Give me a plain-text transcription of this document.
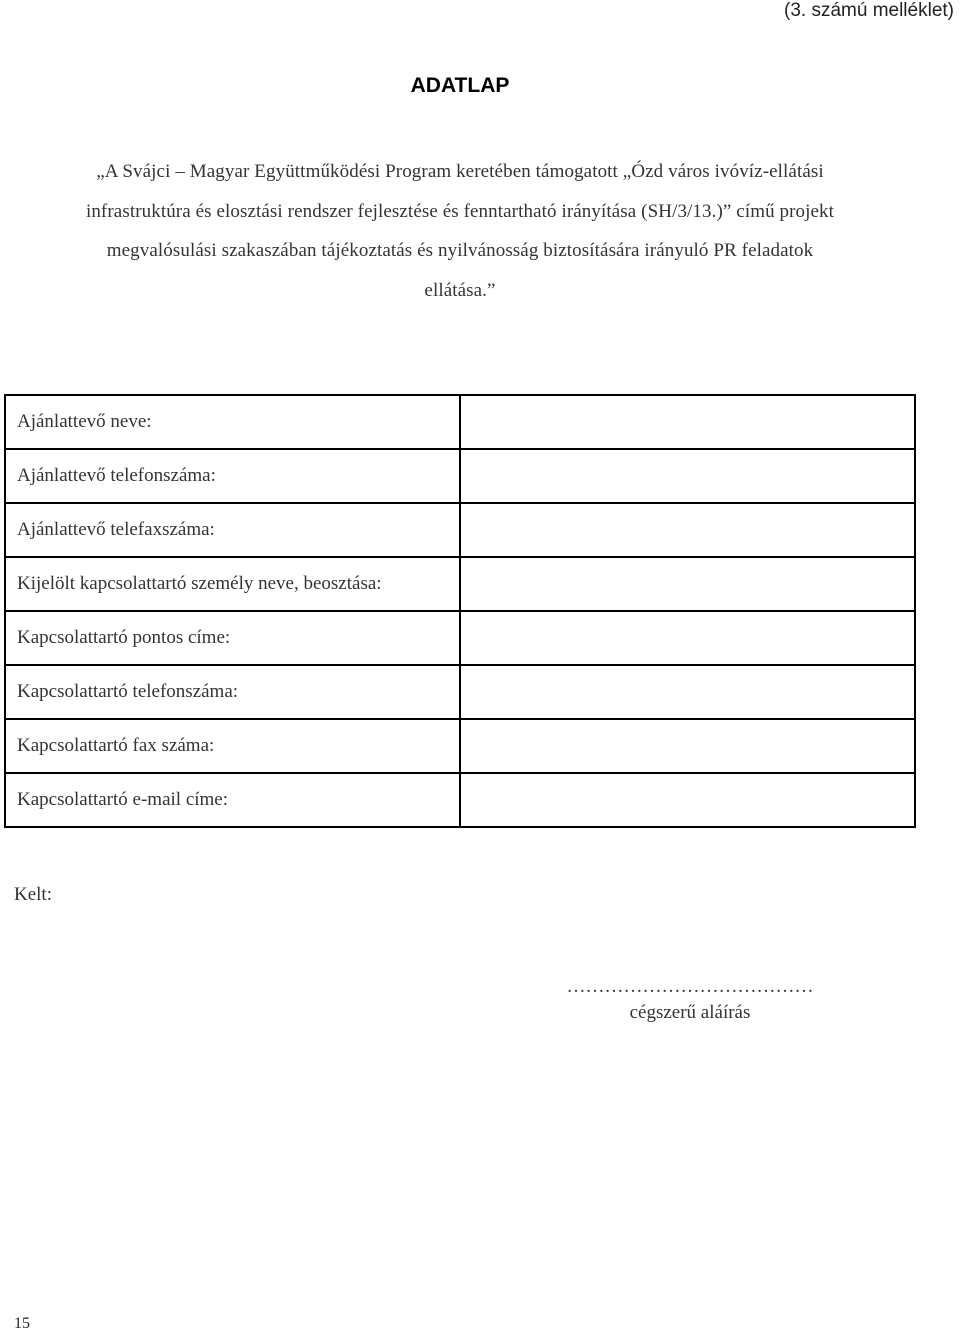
(3. számú melléklet)
ADATLAP
„A Svájci – Magyar Együttműködési Program keretében támogatott „Ózd város ivóvíz-ellátási
infrastruktúra és elosztási rendszer fejlesztése és fenntartható irányítása (SH/3/13.)” című projekt
megvalósulási szakaszában tájékoztatás és nyilvánosság biztosítására irányuló PR feladatok
ellátása.”
Ajánlattevő neve:	
Ajánlattevő telefonszáma:	
Ajánlattevő telefaxszáma:	
Kijelölt kapcsolattartó személy neve, beosztása:	
Kapcsolattartó pontos címe:	
Kapcsolattartó telefonszáma:	
Kapcsolattartó fax száma:	
Kapcsolattartó e-mail címe:	
Kelt:
…………………………………
cégszerű aláírás
15
